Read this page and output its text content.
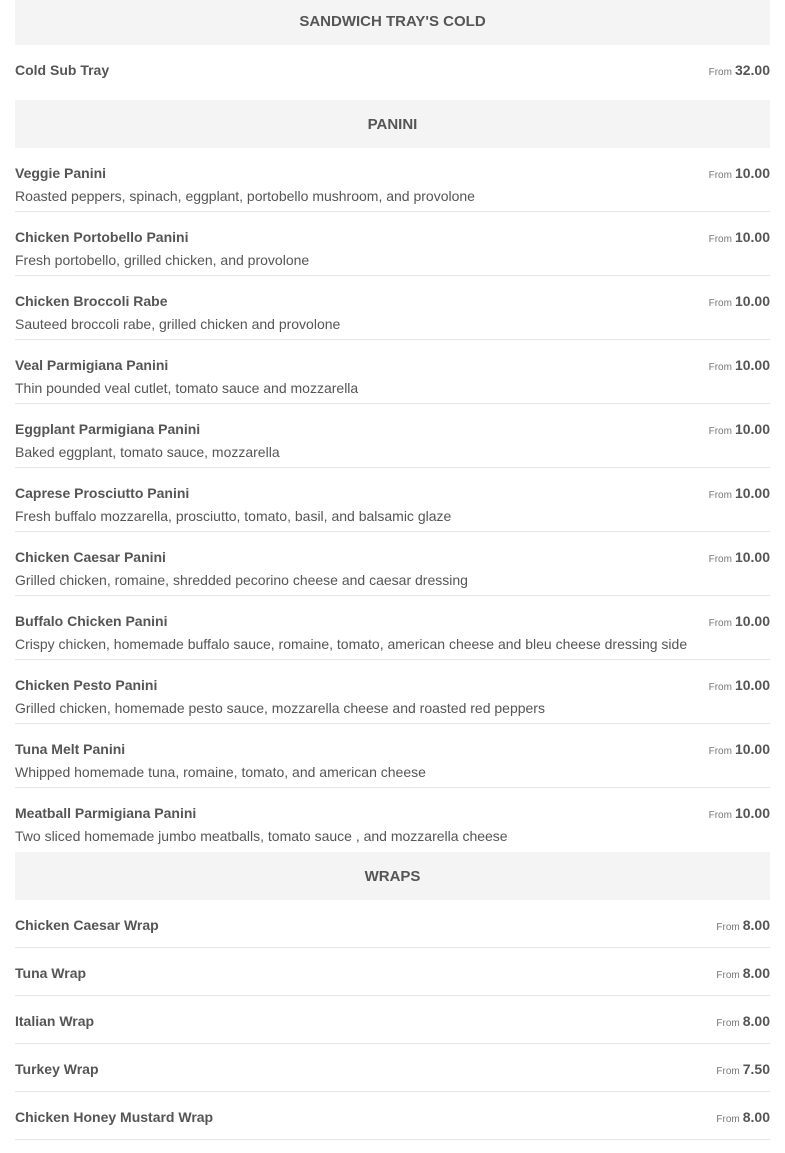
SANDWICH TRAY'S COLD
Cold Sub Tray	From 32.00
PANINI
Veggie Panini
Roasted peppers, spinach, eggplant, portobello mushroom, and provolone
From 10.00
Chicken Portobello Panini
Fresh portobello, grilled chicken, and provolone
From 10.00
Chicken Broccoli Rabe
Sauteed broccoli rabe, grilled chicken and provolone
From 10.00
Veal Parmigiana Panini
Thin pounded veal cutlet, tomato sauce and mozzarella
From 10.00
Eggplant Parmigiana Panini
Baked eggplant, tomato sauce, mozzarella
From 10.00
Caprese Prosciutto Panini
Fresh buffalo mozzarella, prosciutto, tomato, basil, and balsamic glaze
From 10.00
Chicken Caesar Panini
Grilled chicken, romaine, shredded pecorino cheese and caesar dressing
From 10.00
Buffalo Chicken Panini
Crispy chicken, homemade buffalo sauce, romaine, tomato, american cheese and bleu cheese dressing side
From 10.00
Chicken Pesto Panini
Grilled chicken, homemade pesto sauce, mozzarella cheese and roasted red peppers
From 10.00
Tuna Melt Panini
Whipped homemade tuna, romaine, tomato, and american cheese
From 10.00
Meatball Parmigiana Panini
Two sliced homemade jumbo meatballs, tomato sauce , and mozzarella cheese
From 10.00
WRAPS
Chicken Caesar Wrap	From 8.00
Tuna Wrap	From 8.00
Italian Wrap	From 8.00
Turkey Wrap	From 7.50
Chicken Honey Mustard Wrap	From 8.00
